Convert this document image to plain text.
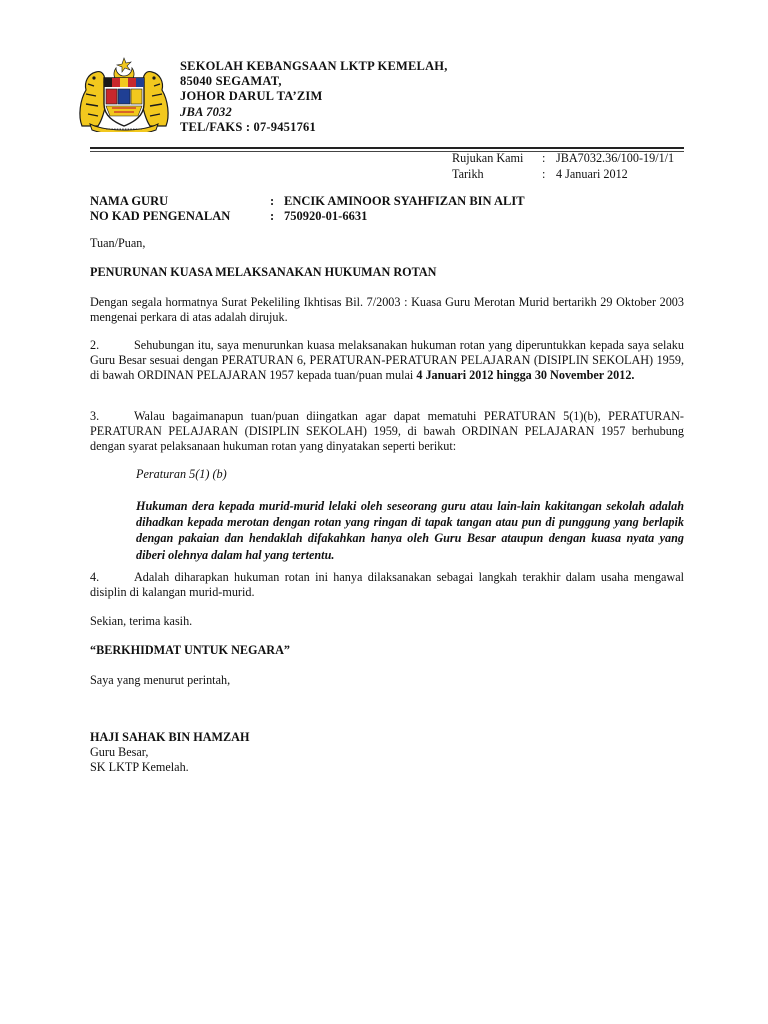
SEKOLAH KEBANGSAAN LKTP KEMELAH,
85040 SEGAMAT,
JOHOR DARUL TA’ZIM
JBA 7032
TEL/FAKS : 07-9451761
Rujukan Kami	: JBA7032.36/100-19/1/1
Tarikh	: 4 Januari 2012
NAMA GURU	: ENCIK AMINOOR SYAHFIZAN BIN ALIT
NO KAD PENGENALAN	: 750920-01-6631
Tuan/Puan,
PENURUNAN KUASA MELAKSANAKAN HUKUMAN ROTAN
Dengan segala hormatnya Surat Pekeliling Ikhtisas Bil. 7/2003 : Kuasa Guru Merotan Murid bertarikh 29 Oktober 2003 mengenai perkara di atas adalah dirujuk.
2.	Sehubungan itu, saya menurunkan kuasa melaksanakan hukuman rotan yang diperuntukkan kepada saya selaku Guru Besar sesuai dengan PERATURAN 6, PERATURAN-PERATURAN PELAJARAN (DISIPLIN SEKOLAH) 1959, di bawah ORDINAN PELAJARAN 1957 kepada tuan/puan mulai 4 Januari 2012 hingga 30 November 2012.
3.	Walau bagaimanapun tuan/puan diingatkan agar dapat mematuhi PERATURAN 5(1)(b), PERATURAN-PERATURAN PELAJARAN (DISIPLIN SEKOLAH) 1959, di bawah ORDINAN PELAJARAN 1957 berhubung dengan syarat pelaksanaan hukuman rotan yang dinyatakan seperti berikut:
Peraturan 5(1) (b)
Hukuman dera kepada murid-murid lelaki oleh seseorang guru atau lain-lain kakitangan sekolah adalah dihadkan kepada merotan dengan rotan yang ringan di tapak tangan atau pun di punggung yang berlapik dengan pakaian dan hendaklah difakahkan hanya oleh Guru Besar ataupun dengan kuasa nyata yang diberi olehnya dalam hal yang tertentu.
4.	Adalah diharapkan hukuman rotan ini hanya dilaksanakan sebagai langkah terakhir dalam usaha mengawal disiplin di kalangan murid-murid.
Sekian, terima kasih.
“BERKHIDMAT UNTUK NEGARA”
Saya yang menurut perintah,
HAJI SAHAK BIN HAMZAH
Guru Besar,
SK LKTP Kemelah.
